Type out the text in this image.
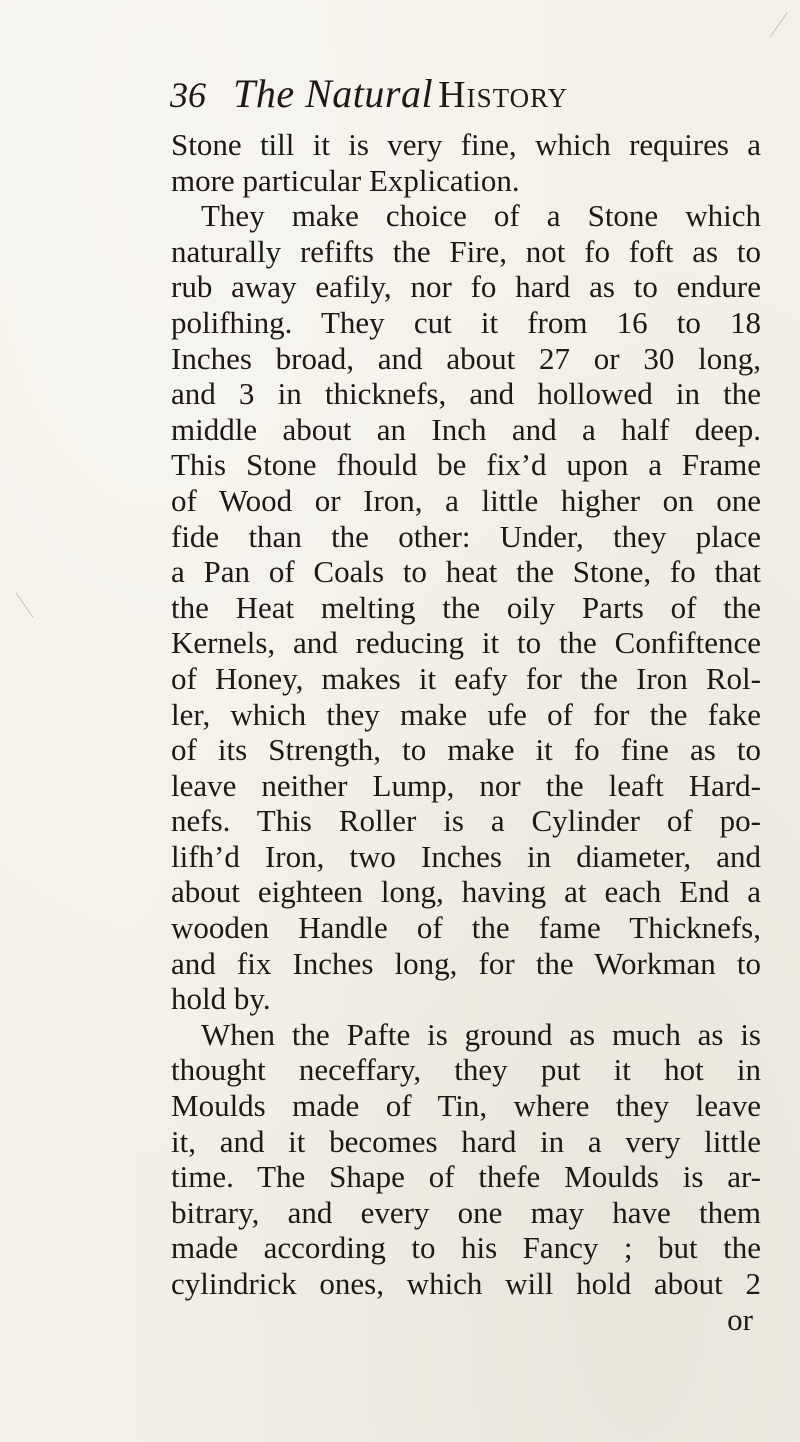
36 The Natural History
Stone till it is very fine, which requires a
more particular Explication.
They make choice of a Stone which
naturally refifts the Fire, not fo foft as to
rub away eafily, nor fo hard as to endure
polifhing. They cut it from 16 to 18
Inches broad, and about 27 or 30 long,
and 3 in thicknefs, and hollowed in the
middle about an Inch and a half deep.
This Stone fhould be fix’d upon a Frame
of Wood or Iron, a little higher on one
fide than the other: Under, they place
a Pan of Coals to heat the Stone, fo that
the Heat melting the oily Parts of the
Kernels, and reducing it to the Confiftence
of Honey, makes it eafy for the Iron Rol-
ler, which they make ufe of for the fake
of its Strength, to make it fo fine as to
leave neither Lump, nor the leaft Hard-
nefs. This Roller is a Cylinder of po-
lifh’d Iron, two Inches in diameter, and
about eighteen long, having at each End a
wooden Handle of the fame Thicknefs,
and fix Inches long, for the Workman to
hold by.
When the Pafte is ground as much as is
thought neceffary, they put it hot in
Moulds made of Tin, where they leave
it, and it becomes hard in a very little
time. The Shape of thefe Moulds is ar-
bitrary, and every one may have them
made according to his Fancy ; but the
cylindrick ones, which will hold about 2
or
